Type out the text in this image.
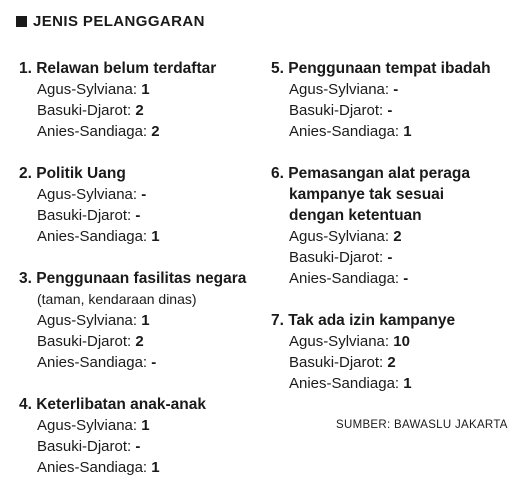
JENIS PELANGGARAN
1. Relawan belum terdaftar
Agus-Sylviana: 1
Basuki-Djarot: 2
Anies-Sandiaga: 2
2. Politik Uang
Agus-Sylviana: -
Basuki-Djarot: -
Anies-Sandiaga: 1
3. Penggunaan fasilitas negara
(taman, kendaraan dinas)
Agus-Sylviana: 1
Basuki-Djarot: 2
Anies-Sandiaga: -
4. Keterlibatan anak-anak
Agus-Sylviana: 1
Basuki-Djarot: -
Anies-Sandiaga: 1
5. Penggunaan tempat ibadah
Agus-Sylviana: -
Basuki-Djarot: -
Anies-Sandiaga: 1
6. Pemasangan alat peraga
kampanye tak sesuai
dengan ketentuan
Agus-Sylviana: 2
Basuki-Djarot: -
Anies-Sandiaga: -
7. Tak ada izin kampanye
Agus-Sylviana: 10
Basuki-Djarot: 2
Anies-Sandiaga: 1
SUMBER: BAWASLU JAKARTA
